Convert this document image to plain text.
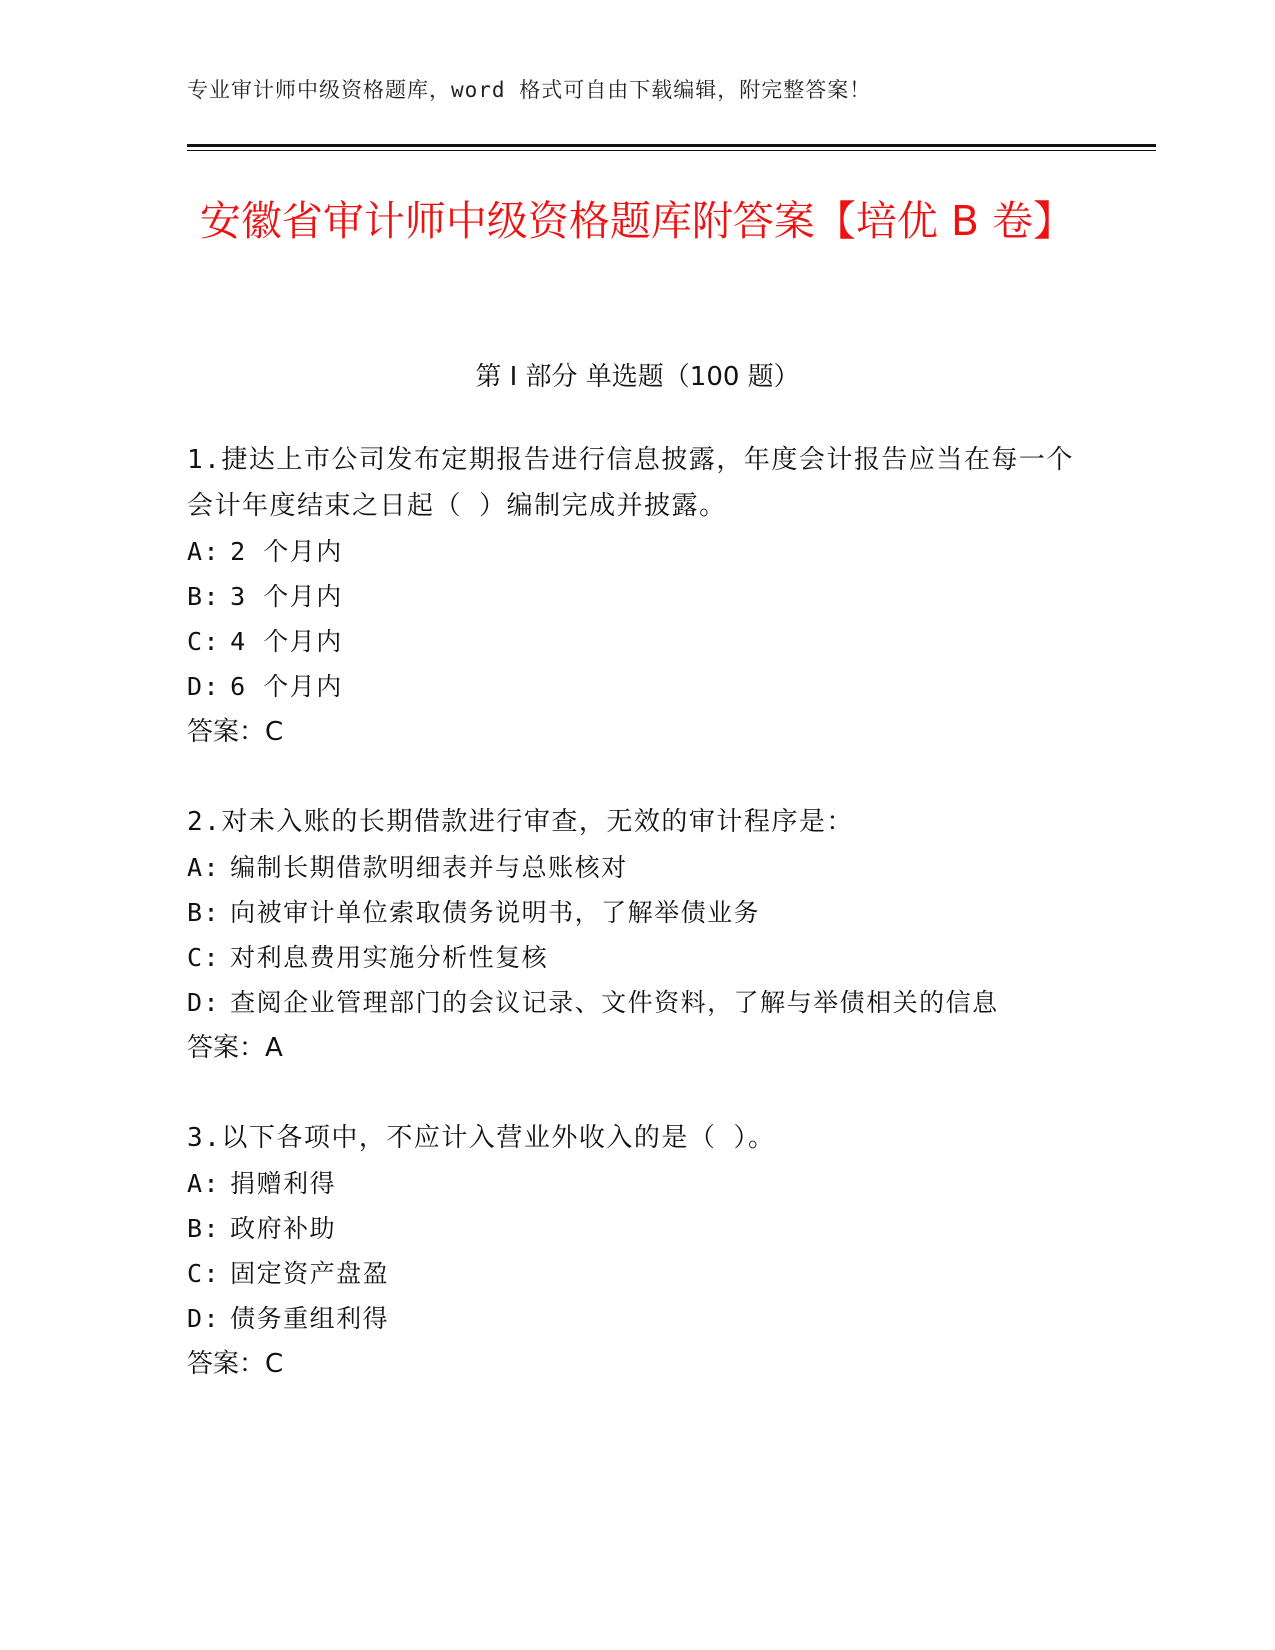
专业审计师中级资格题库，word 格式可自由下载编辑，附完整答案！
安徽省审计师中级资格题库附答案【培优 B 卷】
第 I 部分 单选题（100 题）

1.捷达上市公司发布定期报告进行信息披露，年度会计报告应当在每一个会计年度结束之日起（ ）编制完成并披露。

A: 2 个月内
B: 3 个月内
C: 4 个月内
D: 6 个月内
答案：C

2.对未入账的长期借款进行审查，无效的审计程序是：

A: 编制长期借款明细表并与总账核对
B: 向被审计单位索取债务说明书，了解举债业务
C: 对利息费用实施分析性复核
D: 查阅企业管理部门的会议记录、文件资料，了解与举债相关的信息
答案：A

3.以下各项中，不应计入营业外收入的是（ ）。

A: 捐赠利得
B: 政府补助
C: 固定资产盘盈
D: 债务重组利得
答案：C
